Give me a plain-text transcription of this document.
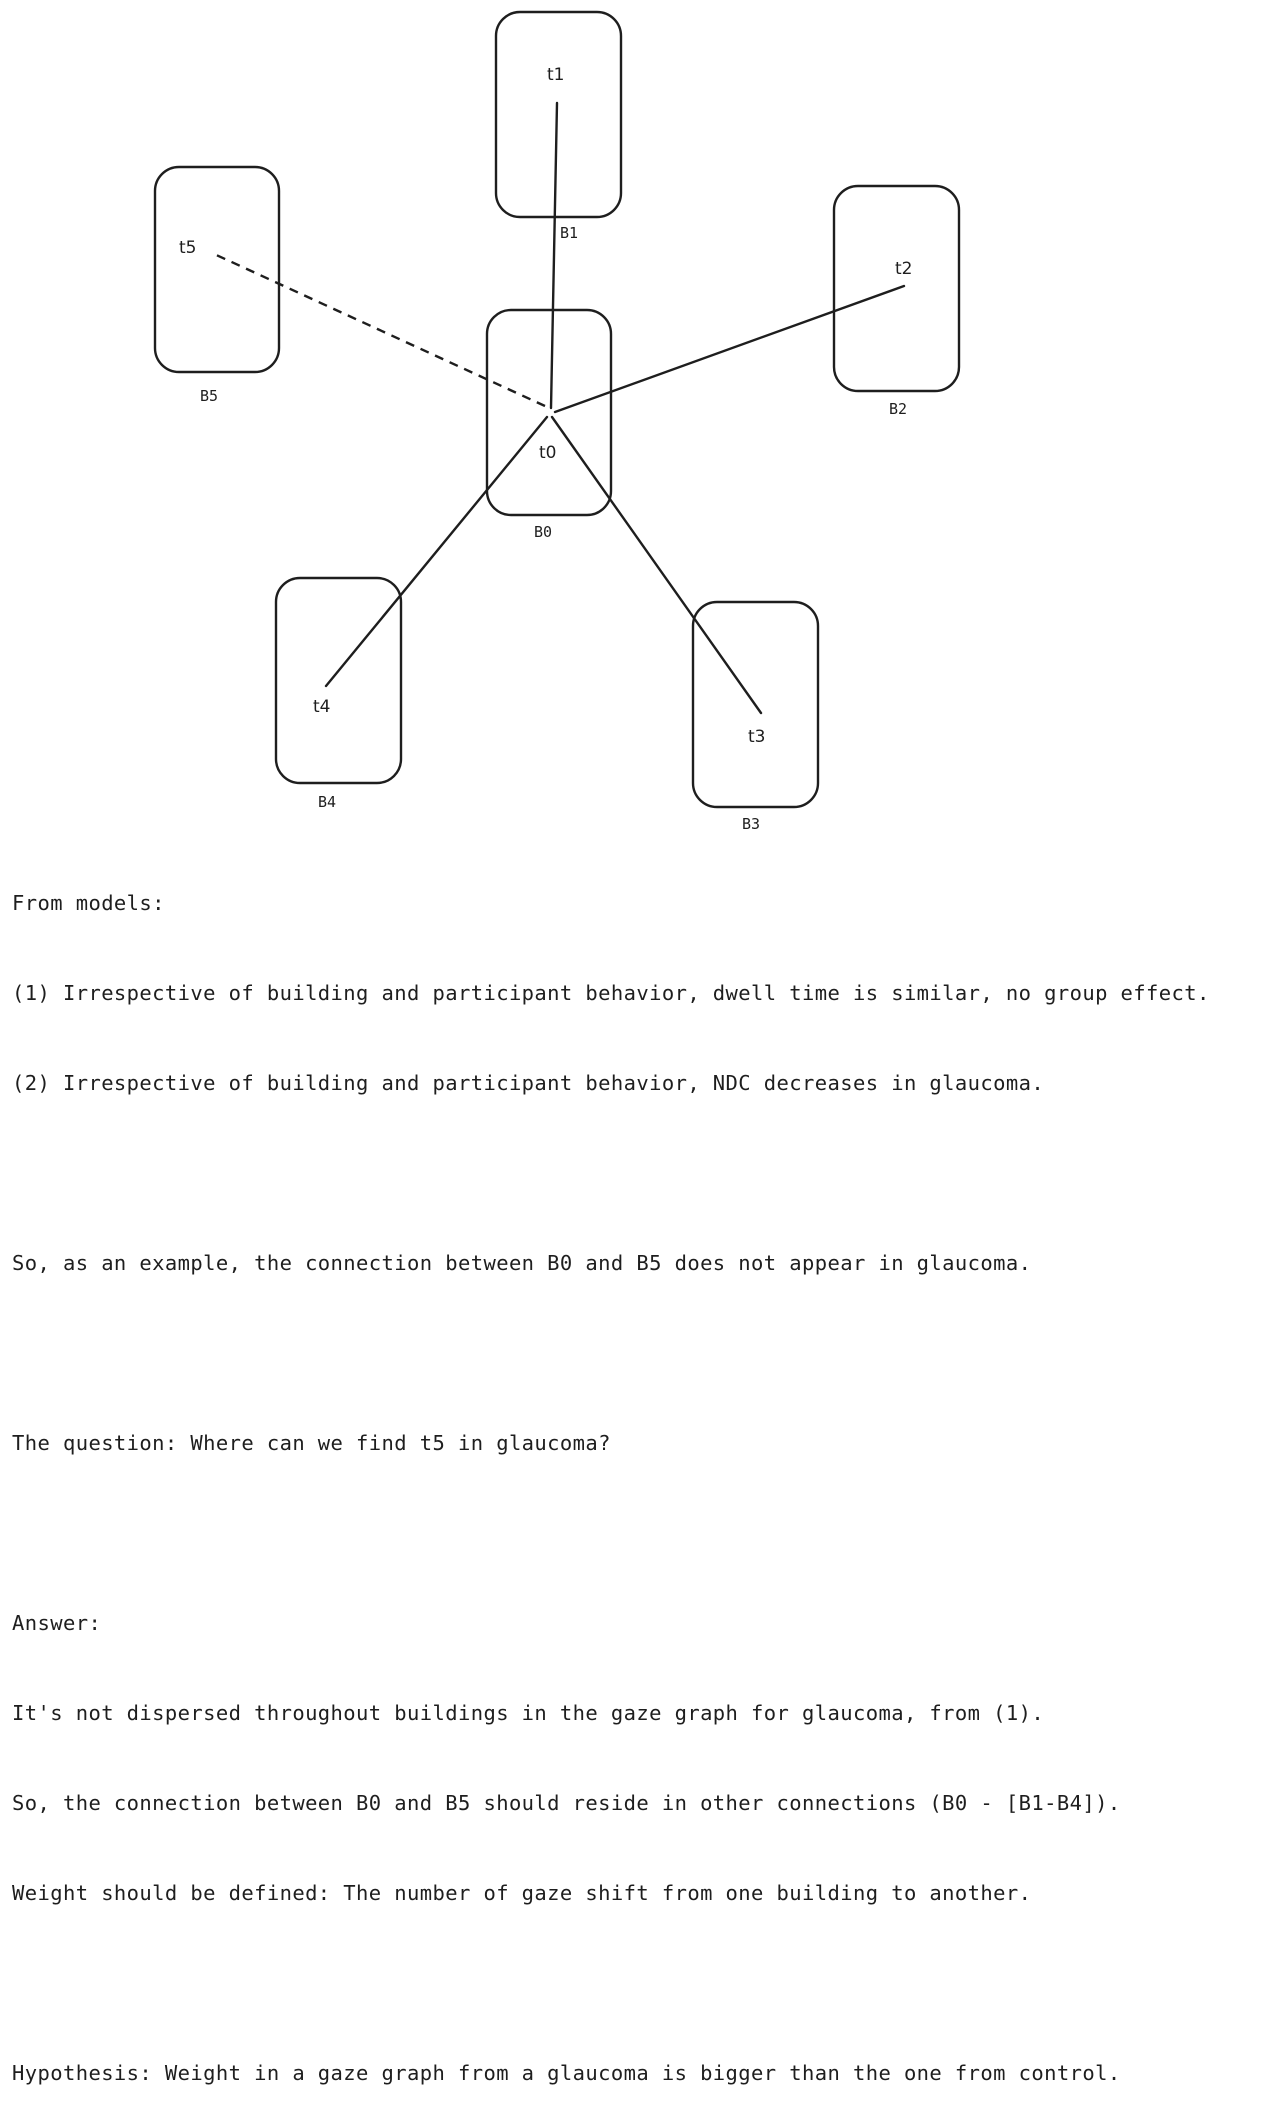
t1
t5
t2
t0
t4
t3
B1
B5
B2
B0
B4
B3

From models:

(1) Irrespective of building and participant behavior, dwell time is similar, no group effect.

(2) Irrespective of building and participant behavior, NDC decreases in glaucoma.

So, as an example, the connection between B0 and B5 does not appear in glaucoma.

The question: Where can we find t5 in glaucoma?

Answer:

It's not dispersed throughout buildings in the gaze graph for glaucoma, from (1).

So, the connection between B0 and B5 should reside in other connections (B0 - [B1-B4]).

Weight should be defined: The number of gaze shift from one building to another.

Hypothesis: Weight in a gaze graph from a glaucoma is bigger than the one from control.
